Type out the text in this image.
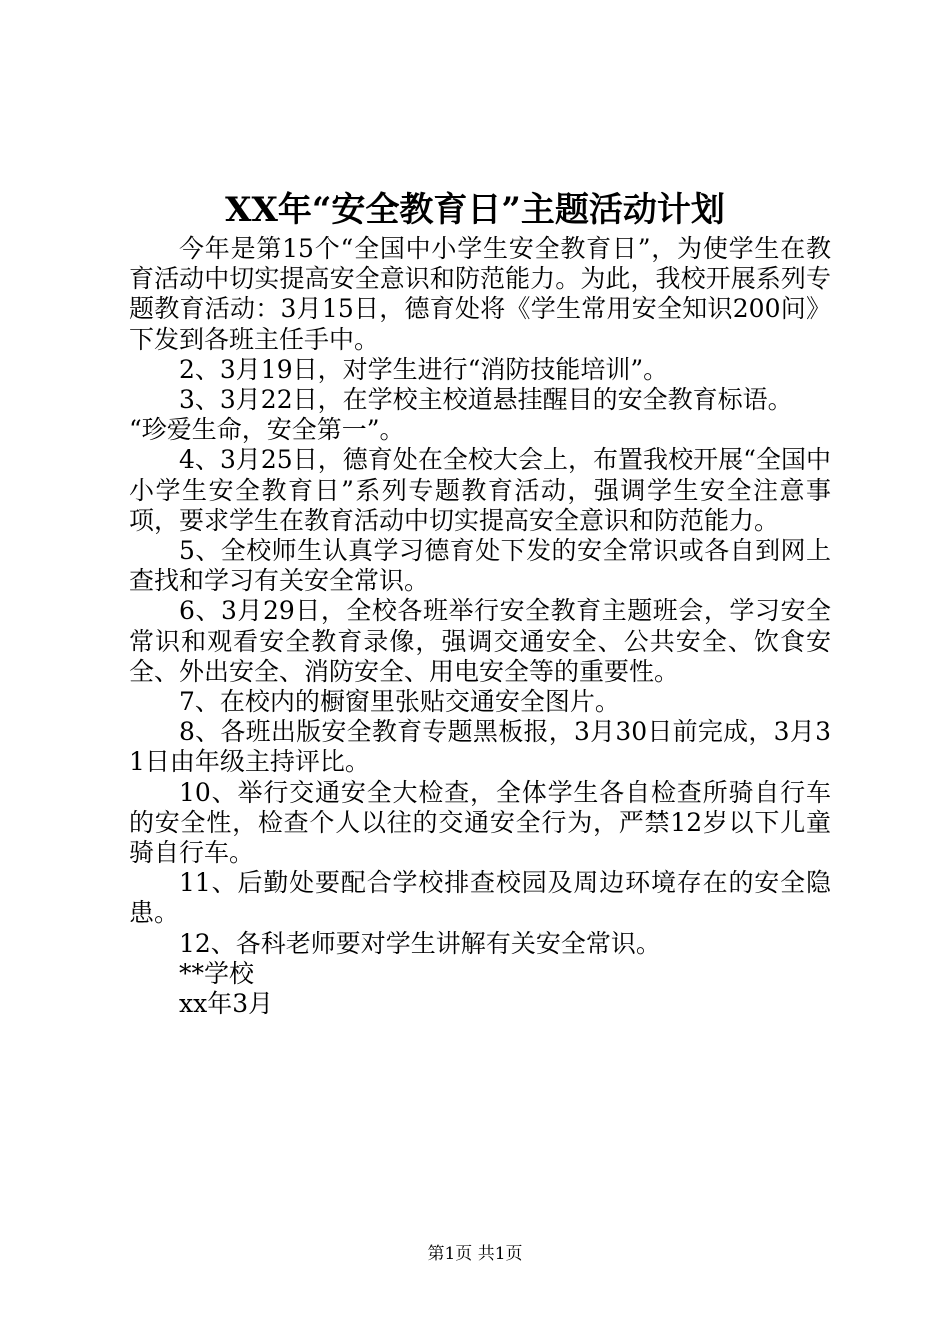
XX年“安全教育日”主题活动计划

今年是第15个“全国中小学生安全教育日”，为使学生在教育活动中切实提高安全意识和防范能力。为此，我校开展系列专题教育活动：3月15日，德育处将《学生常用安全知识200问》下发到各班主任手中。

2、3月19日，对学生进行“消防技能培训”。

3、3月22日，在学校主校道悬挂醒目的安全教育标语。

“珍爱生命，安全第一”。

4、3月25日，德育处在全校大会上，布置我校开展“全国中小学生安全教育日”系列专题教育活动，强调学生安全注意事项，要求学生在教育活动中切实提高安全意识和防范能力。

5、全校师生认真学习德育处下发的安全常识或各自到网上查找和学习有关安全常识。

6、3月29日，全校各班举行安全教育主题班会，学习安全常识和观看安全教育录像，强调交通安全、公共安全、饮食安全、外出安全、消防安全、用电安全等的重要性。

7、在校内的橱窗里张贴交通安全图片。

8、各班出版安全教育专题黑板报，3月30日前完成，3月31日由年级主持评比。

10、举行交通安全大检查，全体学生各自检查所骑自行车的安全性，检查个人以往的交通安全行为，严禁12岁以下儿童骑自行车。

11、后勤处要配合学校排查校园及周边环境存在的安全隐患。

12、各科老师要对学生讲解有关安全常识。

**学校

xx年3月

第1页 共1页
